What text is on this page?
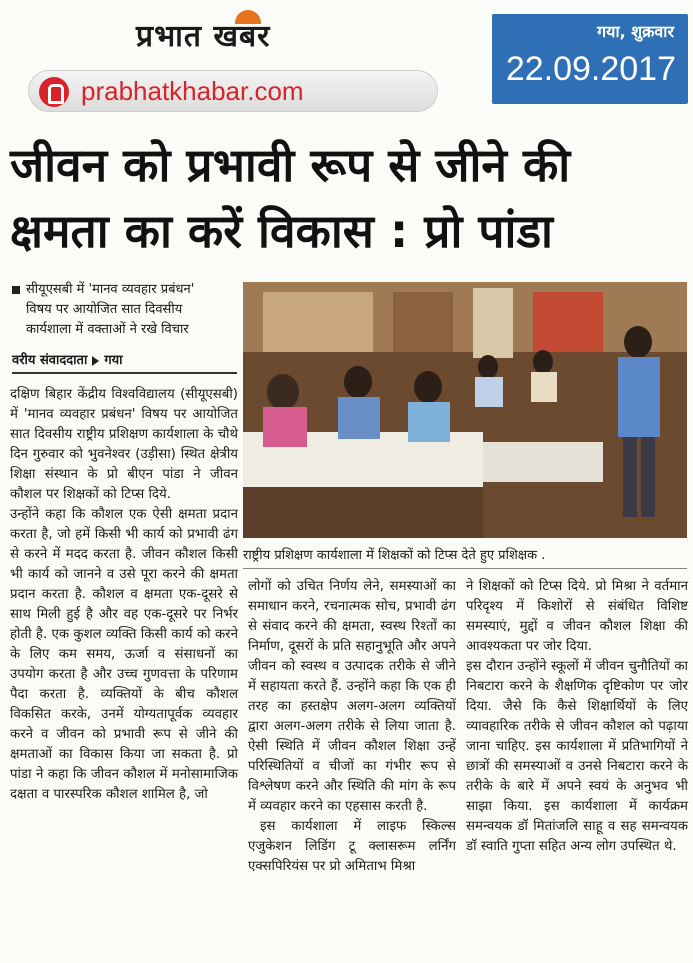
प्रभात खबर
prabhatkhabar.com
गया, शुक्रवार
22.09.2017
जीवन को प्रभावी रूप से जीने की
क्षमता का करें विकास : प्रो पांडा
सीयूएसबी में 'मानव व्यवहार प्रबंधन'
विषय पर आयोजित सात दिवसीय
कार्यशाला में वक्ताओं ने रखे विचार
वरीय संवाददाता गया
राष्ट्रीय प्रशिक्षण कार्यशाला में शिक्षकों को टिप्स देते हुए प्रशिक्षक .

दक्षिण बिहार केंद्रीय विश्वविद्यालय (सीयूएसबी) में 'मानव व्यवहार प्रबंधन' विषय पर आयोजित सात दिवसीय राष्ट्रीय प्रशिक्षण कार्यशाला के चौथे दिन गुरुवार को भुवनेश्वर (उड़ीसा) स्थित क्षेत्रीय शिक्षा संस्थान के प्रो बीएन पांडा ने जीवन कौशल पर शिक्षकों को टिप्स दिये.

उन्होंने कहा कि कौशल एक ऐसी क्षमता प्रदान करता है, जो हमें किसी भी कार्य को प्रभावी ढंग से करने में मदद करता है. जीवन कौशल किसी भी कार्य को जानने व उसे पूरा करने की क्षमता प्रदान करता है. कौशल व क्षमता एक-दूसरे से साथ मिली हुई है और वह एक-दूसरे पर निर्भर होती है. एक कुशल व्यक्ति किसी कार्य को करने के लिए कम समय, ऊर्जा व संसाधनों का उपयोग करता है और उच्च गुणवत्ता के परिणाम पैदा करता है. व्यक्तियों के बीच कौशल विकसित करके, उनमें योग्यतापूर्वक व्यवहार करने व जीवन को प्रभावी रूप से जीने की क्षमताओं का विकास किया जा सकता है. प्रो पांडा ने कहा कि जीवन कौशल में मनोसामाजिक दक्षता व पारस्परिक कौशल शामिल है, जो

लोगों को उचित निर्णय लेने, समस्याओं का समाधान करने, रचनात्मक सोच, प्रभावी ढंग से संवाद करने की क्षमता, स्वस्थ रिश्तों का निर्माण, दूसरों के प्रति सहानुभूति और अपने जीवन को स्वस्थ व उत्पादक तरीके से जीने में सहायता करते हैं. उन्होंने कहा कि एक ही तरह का हस्तक्षेप अलग-अलग व्यक्तियों द्वारा अलग-अलग तरीके से लिया जाता है. ऐसी स्थिति में जीवन कौशल शिक्षा उन्हें परिस्थितियों व चीजों का गंभीर रूप से विश्लेषण करने और स्थिति की मांग के रूप में व्यवहार करने का एहसास करती है.

इस कार्यशाला में लाइफ स्किल्स एजुकेशन लिडिंग टू क्लासरूम लर्निंग एक्सपिरियंस पर प्रो अमिताभ मिश्रा

ने शिक्षकों को टिप्स दिये. प्रो मिश्रा ने वर्तमान परिदृश्य में किशोरों से संबंधित विशिष्ट समस्याएं, मुद्दों व जीवन कौशल शिक्षा की आवश्यकता पर जोर दिया.

इस दौरान उन्होंने स्कूलों में जीवन चुनौतियों का निबटारा करने के शैक्षणिक दृष्टिकोण पर जोर दिया. जैसे कि कैसे शिक्षार्थियों के लिए व्यावहारिक तरीके से जीवन कौशल को पढ़ाया जाना चाहिए. इस कार्यशाला में प्रतिभागियों ने छात्रों की समस्याओं व उनसे निबटारा करने के तरीके के बारे में अपने स्वयं के अनुभव भी साझा किया. इस कार्यशाला में कार्यक्रम समन्वयक डॉ मितांजलि साहू व सह समन्वयक डॉ स्वाति गुप्ता सहित अन्य लोग उपस्थित थे.
